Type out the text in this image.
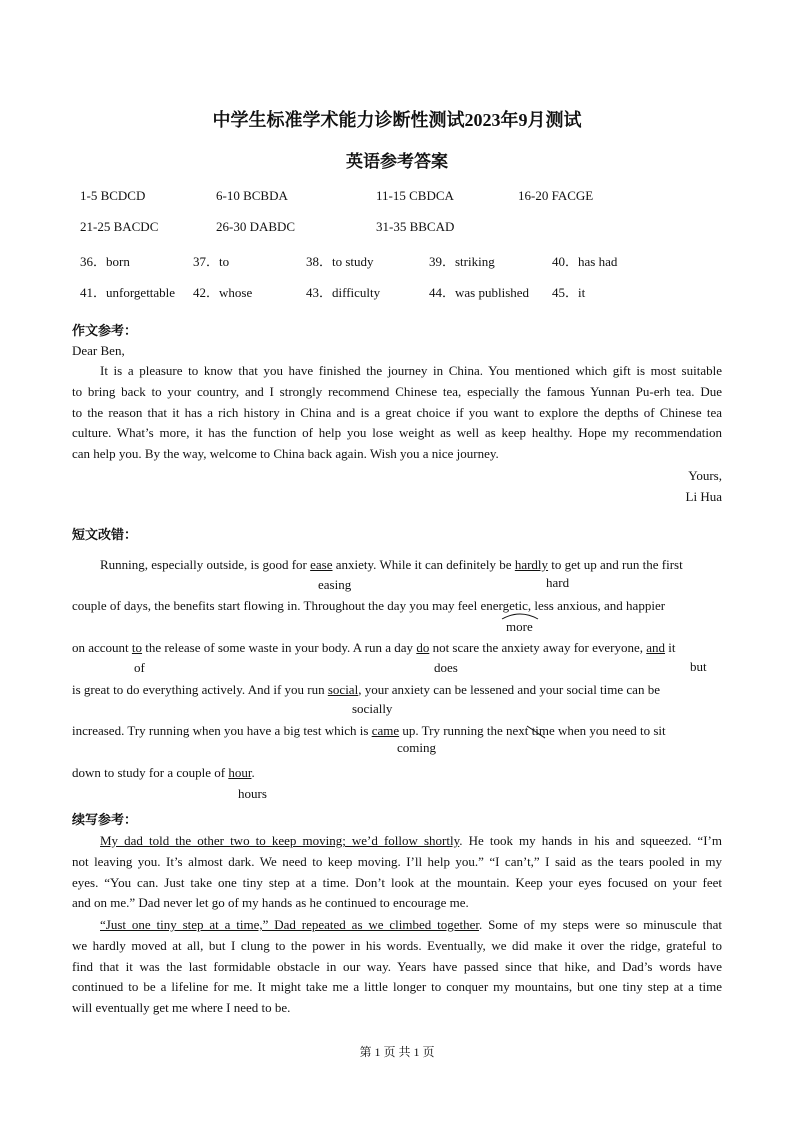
中学生标准学术能力诊断性测试2023年9月测试
英语参考答案
1-5 BCDCD	6-10 BCBDA	11-15 CBDCA	16-20 FACGE
21-25 BACDC	26-30 DABDC	31-35 BBCAD
36．born	37．to	38．to study	39．striking	40．has had
41．unforgettable 42．whose	43．difficulty	44．was published 45．it
作文参考：
Dear Ben,
It is a pleasure to know that you have finished the journey in China. You mentioned which gift is most suitable
to bring back to your country, and I strongly recommend Chinese tea, especially the famous Yunnan Pu-erh tea. Due
to the reason that it has a rich history in China and is a great choice if you want to explore the depths of Chinese tea
culture. What’s more, it has the function of help you lose weight as well as keep healthy. Hope my recommendation
can help you. By the way, welcome to China back again. Wish you a nice journey.
Yours,
Li Hua
短文改错：
Running, especially outside, is good for ease anxiety. While it can definitely be hardly to get up and run the first
easing	hard
couple of days, the benefits start flowing in. Throughout the day you may feel energetic, less anxious, and happier
more
on account to the release of some waste in your body. A run a day do not scare the anxiety away for everyone, and it
of	does	but
is great to do everything actively. And if you run social, your anxiety can be lessened and your social time can be
socially
increased. Try running when you have a big test which is came up. Try running the next time when you need to sit
coming
down to study for a couple of hour.
hours
续写参考：
My dad told the other two to keep moving; we’d follow shortly. He took my hands in his and squeezed. “I’m
not leaving you. It’s almost dark. We need to keep moving. I’ll help you.” “I can’t,” I said as the tears pooled in my
eyes. “You can. Just take one tiny step at a time. Don’t look at the mountain. Keep your eyes focused on your feet
and on me.” Dad never let go of my hands as he continued to encourage me.
“Just one tiny step at a time,” Dad repeated as we climbed together. Some of my steps were so minuscule that
we hardly moved at all, but I clung to the power in his words. Eventually, we did make it over the ridge, grateful to
find that it was the last formidable obstacle in our way. Years have passed since that hike, and Dad’s words have
continued to be a lifeline for me. It might take me a little longer to conquer my mountains, but one tiny step at a time
will eventually get me where I need to be.
第 1 页 共 1 页
